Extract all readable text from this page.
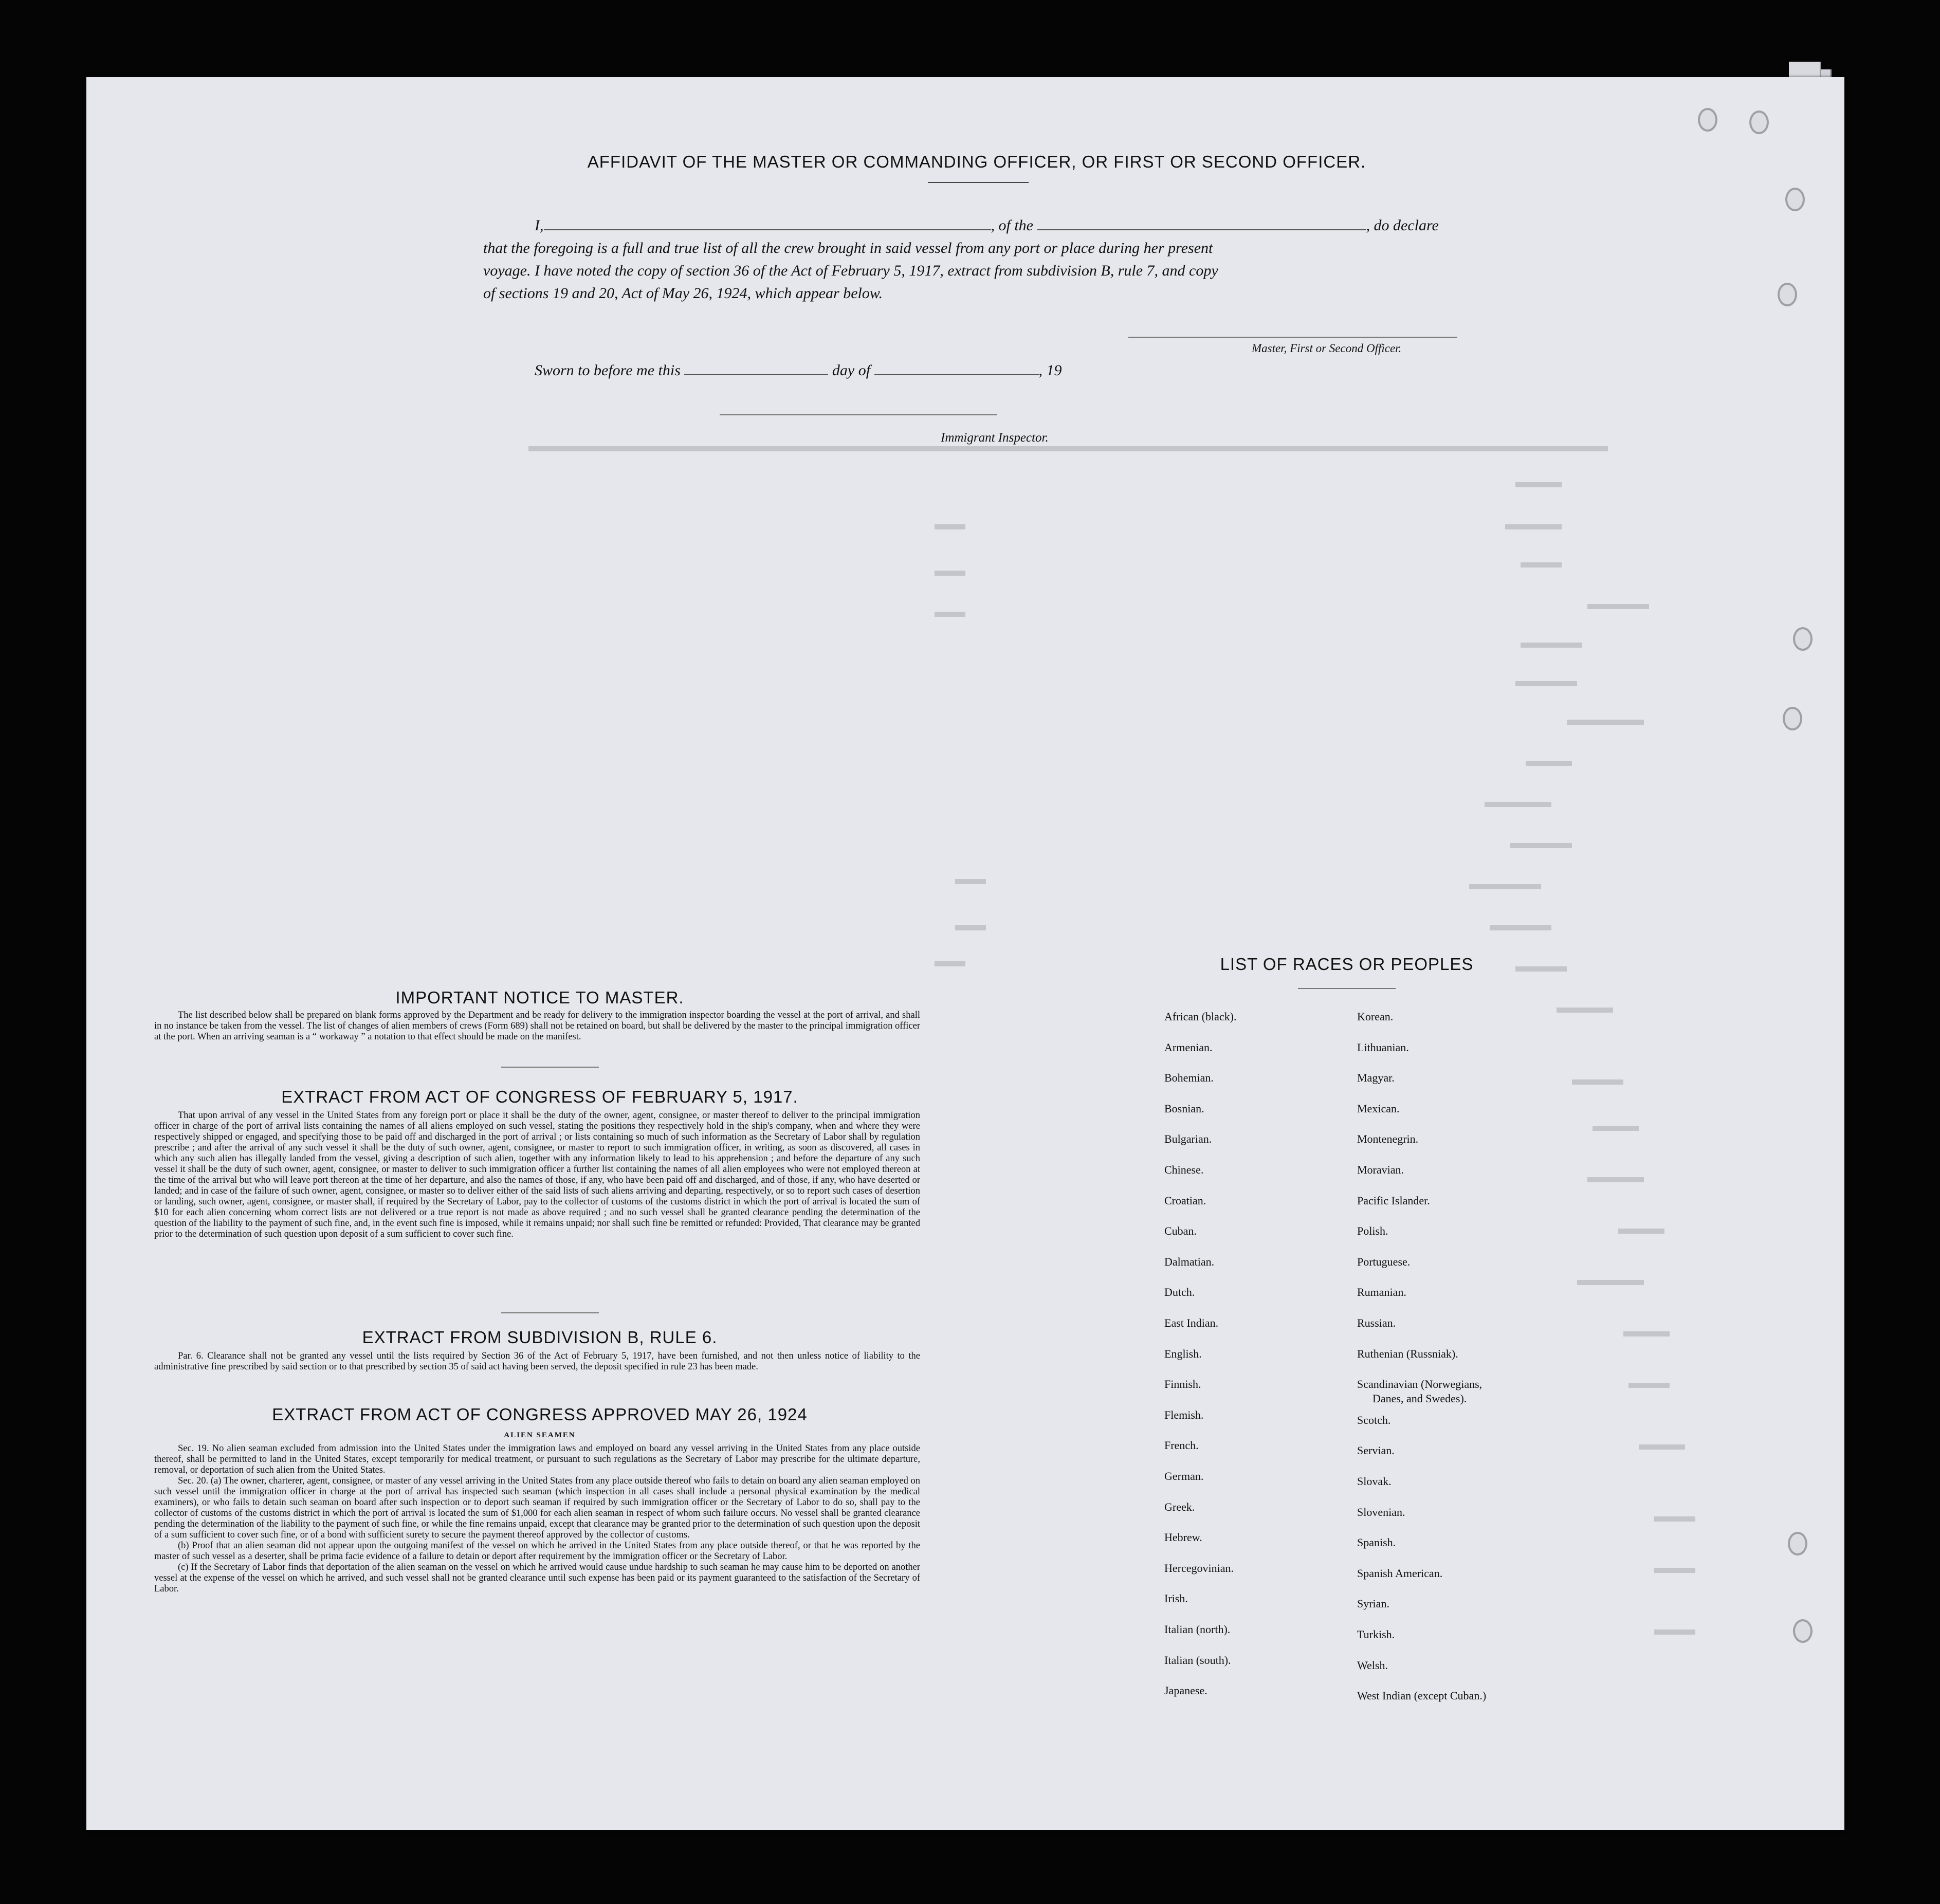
AFFIDAVIT OF THE MASTER OR COMMANDING OFFICER, OR FIRST OR SECOND OFFICER.
I,	, of the	, do declare
that the foregoing is a full and true list of all the crew brought in said vessel from any port or place during her present
voyage. I have noted the copy of section 36 of the Act of February 5, 1917, extract from subdivision B, rule 7, and copy
of sections 19 and 20, Act of May 26, 1924, which appear below.
Master, First or Second Officer.
Sworn to before me this	day of	, 19
Immigrant Inspector.
IMPORTANT NOTICE TO MASTER.

The list described below shall be prepared on blank forms approved by the Department and be ready for delivery to the immigration inspector boarding the vessel at the port of arrival, and shall in no instance be taken from the vessel. The list of changes of alien members of crews (Form 689) shall not be retained on board, but shall be delivered by the master to the principal immigration officer at the port. When an arriving seaman is a “ workaway ” a notation to that effect should be made on the manifest.

EXTRACT FROM ACT OF CONGRESS OF FEBRUARY 5, 1917.

That upon arrival of any vessel in the United States from any foreign port or place it shall be the duty of the owner, agent, consignee, or master thereof to deliver to the principal immigration officer in charge of the port of arrival lists containing the names of all aliens employed on such vessel, stating the positions they respectively hold in the ship's company, when and where they were respectively shipped or engaged, and specifying those to be paid off and discharged in the port of arrival ; or lists containing so much of such information as the Secretary of Labor shall by regulation prescribe ; and after the arrival of any such vessel it shall be the duty of such owner, agent, consignee, or master to report to such immigration officer, in writing, as soon as discovered, all cases in which any such alien has illegally landed from the vessel, giving a description of such alien, together with any information likely to lead to his apprehension ; and before the departure of any such vessel it shall be the duty of such owner, agent, consignee, or master to deliver to such immigration officer a further list containing the names of all alien employees who were not employed thereon at the time of the arrival but who will leave port thereon at the time of her departure, and also the names of those, if any, who have been paid off and discharged, and of those, if any, who have deserted or landed; and in case of the failure of such owner, agent, consignee, or master so to deliver either of the said lists of such aliens arriving and departing, respectively, or so to report such cases of desertion or landing, such owner, agent, consignee, or master shall, if required by the Secretary of Labor, pay to the collector of customs of the customs district in which the port of arrival is located the sum of $10 for each alien concerning whom correct lists are not delivered or a true report is not made as above required ; and no such vessel shall be granted clearance pending the determination of the question of the liability to the payment of such fine, and, in the event such fine is imposed, while it remains unpaid; nor shall such fine be remitted or refunded: Provided, That clearance may be granted prior to the determination of such question upon deposit of a sum sufficient to cover such fine.

EXTRACT FROM SUBDIVISION B, RULE 6.

Par. 6. Clearance shall not be granted any vessel until the lists required by Section 36 of the Act of February 5, 1917, have been furnished, and not then unless notice of liability to the administrative fine prescribed by said section or to that prescribed by section 35 of said act having been served, the deposit specified in rule 23 has been made.

EXTRACT FROM ACT OF CONGRESS APPROVED MAY 26, 1924
ALIEN SEAMEN

Sec. 19. No alien seaman excluded from admission into the United States under the immigration laws and employed on board any vessel arriving in the United States from any place outside thereof, shall be permitted to land in the United States, except temporarily for medical treatment, or pursuant to such regulations as the Secretary of Labor may prescribe for the ultimate departure, removal, or deportation of such alien from the United States.

Sec. 20. (a) The owner, charterer, agent, consignee, or master of any vessel arriving in the United States from any place outside thereof who fails to detain on board any alien seaman employed on such vessel until the immigration officer in charge at the port of arrival has inspected such seaman (which inspection in all cases shall include a personal physical examination by the medical examiners), or who fails to detain such seaman on board after such inspection or to deport such seaman if required by such immigration officer or the Secretary of Labor to do so, shall pay to the collector of customs of the customs district in which the port of arrival is located the sum of $1,000 for each alien seaman in respect of whom such failure occurs. No vessel shall be granted clearance pending the determination of the liability to the payment of such fine, or while the fine remains unpaid, except that clearance may be granted prior to the determination of such question upon the deposit of a sum sufficient to cover such fine, or of a bond with sufficient surety to secure the payment thereof approved by the collector of customs.

(b) Proof that an alien seaman did not appear upon the outgoing manifest of the vessel on which he arrived in the United States from any place outside thereof, or that he was reported by the master of such vessel as a deserter, shall be prima facie evidence of a failure to detain or deport after requirement by the immigration officer or the Secretary of Labor.

(c) If the Secretary of Labor finds that deportation of the alien seaman on the vessel on which he arrived would cause undue hardship to such seaman he may cause him to be deported on another vessel at the expense of the vessel on which he arrived, and such vessel shall not be granted clearance until such expense has been paid or its payment guaranteed to the satisfaction of the Secretary of Labor.

LIST OF RACES OR PEOPLES
African (black).
Armenian.
Bohemian.
Bosnian.
Bulgarian.
Chinese.
Croatian.
Cuban.
Dalmatian.
Dutch.
East Indian.
English.
Finnish.
Flemish.
French.
German.
Greek.
Hebrew.
Hercegovinian.
Irish.
Italian (north).
Italian (south).
Japanese.
Korean.
Lithuanian.
Magyar.
Mexican.
Montenegrin.
Moravian.
Pacific Islander.
Polish.
Portuguese.
Rumanian.
Russian.
Ruthenian (Russniak).
Scandinavian (Norwegians,
Scotch.
Servian.
Slovak.
Slovenian.
Spanish.
Spanish American.
Syrian.
Turkish.
Welsh.
West Indian (except Cuban.)
Danes, and Swedes).
